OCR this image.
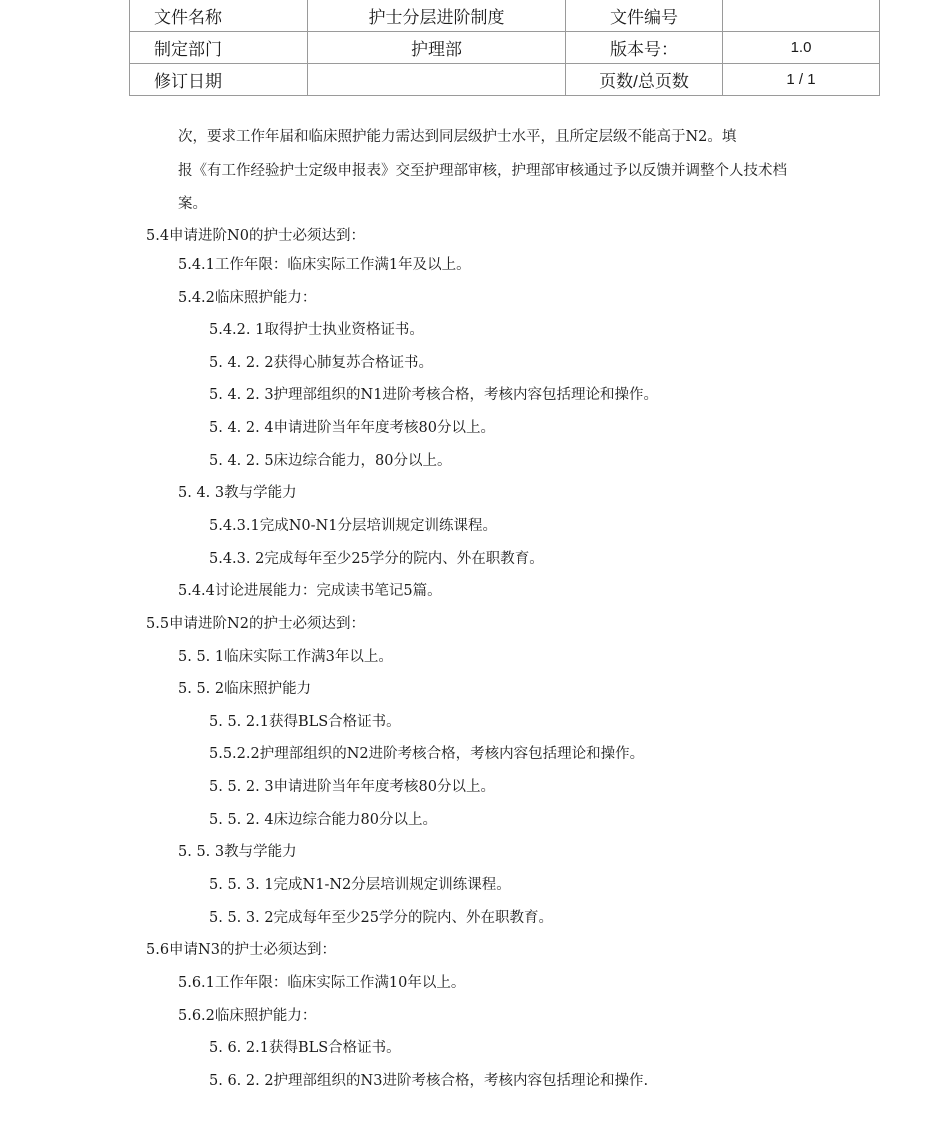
文件名称	护士分层进阶制度	文件编号	
制定部门	护理部	版本号：	1.0
修订日期		页数/总页数	1 / 1
次，要求工作年届和临床照护能力需达到同层级护士水平，且所定层级不能高于N2。填
报《有工作经验护士定级申报表》交至护理部审核，护理部审核通过予以反馈并调整个人技术档
案。
5.4申请进阶N0的护士必须达到：
5.4.1工作年限：临床实际工作满1年及以上。
5.4.2临床照护能力：
5.4.2. 1取得护士执业资格证书。
5. 4. 2. 2获得心肺复苏合格证书。
5. 4. 2. 3护理部组织的N1进阶考核合格，考核内容包括理论和操作。
5. 4. 2. 4申请进阶当年年度考核80分以上。
5. 4. 2. 5床边综合能力，80分以上。
5. 4. 3教与学能力
5.4.3.1完成N0-N1分层培训规定训练课程。
5.4.3. 2完成每年至少25学分的院内、外在职教育。
5.4.4讨论进展能力：完成读书笔记5篇。
5.5申请进阶N2的护士必须达到：
5. 5. 1临床实际工作满3年以上。
5. 5. 2临床照护能力
5. 5. 2.1获得BLS合格证书。
5.5.2.2护理部组织的N2进阶考核合格，考核内容包括理论和操作。
5. 5. 2. 3申请进阶当年年度考核80分以上。
5. 5. 2. 4床边综合能力80分以上。
5. 5. 3教与学能力
5. 5. 3. 1完成N1-N2分层培训规定训练课程。
5. 5. 3. 2完成每年至少25学分的院内、外在职教育。
5.6申请N3的护士必须达到：
5.6.1工作年限：临床实际工作满10年以上。
5.6.2临床照护能力：
5. 6. 2.1获得BLS合格证书。
5. 6. 2. 2护理部组织的N3进阶考核合格，考核内容包括理论和操作.
